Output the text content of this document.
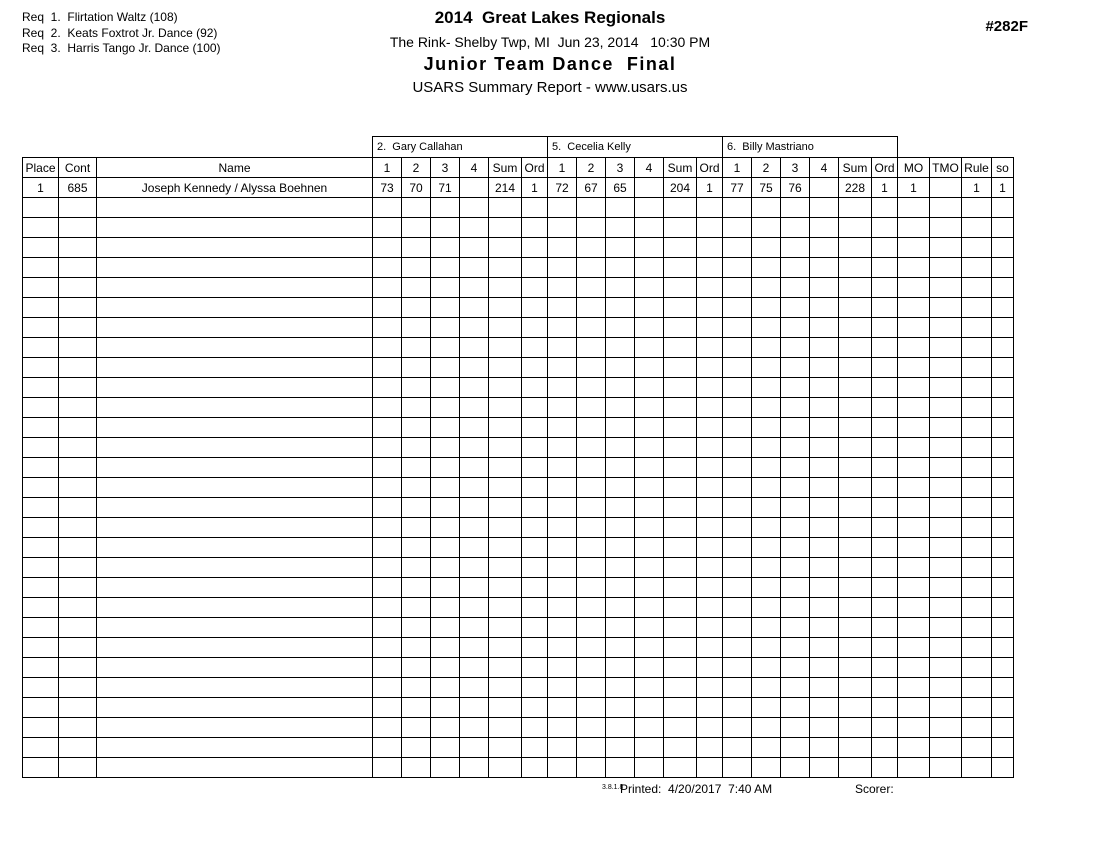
Req  1.  Flirtation Waltz (108)
Req  2.  Keats Foxtrot Jr. Dance (92)
Req  3.  Harris Tango Jr. Dance (100)
2014  Great Lakes Regionals
The Rink- Shelby Twp, MI  Jun 23, 2014   10:30 PM
Junior Team Dance  Final
USARS Summary Report - www.usars.us
#282F
			2.  Gary Callahan						5.  Cecelia Kelly						6.  Billy Mastriano									
Place	Cont	Name	1	2	3	4	Sum	Ord	1	2	3	4	Sum	Ord	1	2	3	4	Sum	Ord	MO	TMO	Rule	so
1	685	Joseph Kennedy / Alyssa Boehnen	73	70	71		214	1	72	67	65		204	1	77	75	76		228	1	1		1	1

3.8.1.8
Printed:  4/20/2017  7:40 AM	Scorer:
